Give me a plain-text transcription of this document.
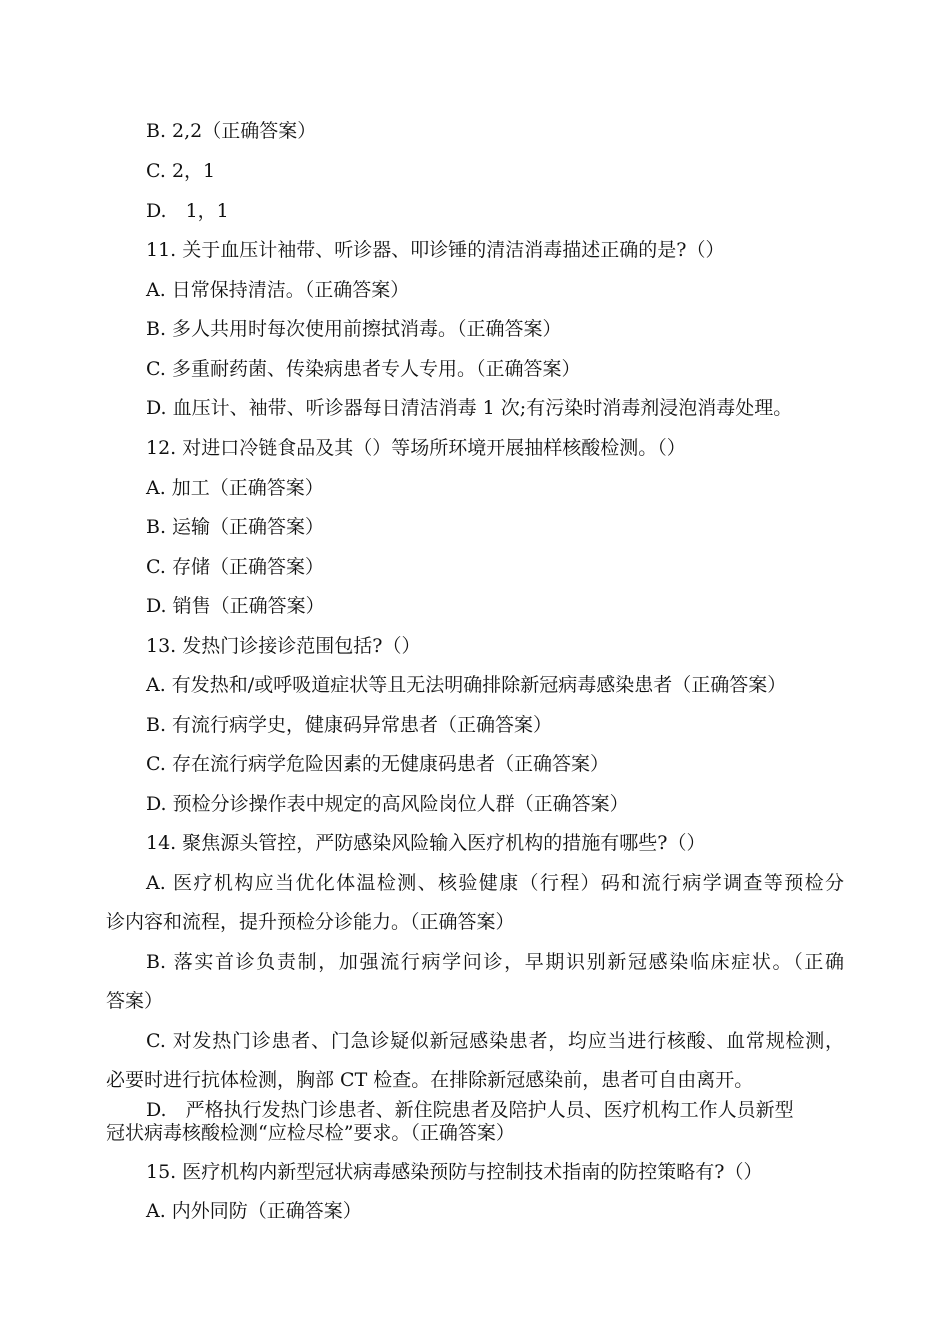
B. 2,2（正确答案）
C. 2，1
D.　1，1
11. 关于血压计袖带、听诊器、叩诊锤的清洁消毒描述正确的是?（）
A. 日常保持清洁。（正确答案）
B. 多人共用时每次使用前擦拭消毒。（正确答案）
C. 多重耐药菌、传染病患者专人专用。（正确答案）
D. 血压计、袖带、听诊器每日清洁消毒 1 次;有污染时消毒剂浸泡消毒处理。
12. 对进口冷链食品及其（）等场所环境开展抽样核酸检测。（）
A. 加工（正确答案）
B. 运输（正确答案）
C. 存储（正确答案）
D. 销售（正确答案）
13. 发热门诊接诊范围包括?（）
A. 有发热和/或呼吸道症状等且无法明确排除新冠病毒感染患者（正确答案）
B. 有流行病学史，健康码异常患者（正确答案）
C. 存在流行病学危险因素的无健康码患者（正确答案）
D. 预检分诊操作表中规定的高风险岗位人群（正确答案）
14. 聚焦源头管控，严防感染风险输入医疗机构的措施有哪些?（）
A. 医疗机构应当优化体温检测、核验健康（行程）码和流行病学调查等预检分
诊内容和流程，提升预检分诊能力。（正确答案）
B. 落实首诊负责制，加强流行病学问诊，早期识别新冠感染临床症状。（正确
答案）
C. 对发热门诊患者、门急诊疑似新冠感染患者，均应当进行核酸、血常规检测，
必要时进行抗体检测，胸部 CT 检查。在排除新冠感染前，患者可自由离开。
D.　严格执行发热门诊患者、新住院患者及陪护人员、医疗机构工作人员新型
冠状病毒核酸检测“应检尽检”要求。（正确答案）
15. 医疗机构内新型冠状病毒感染预防与控制技术指南的防控策略有?（）
A. 内外同防（正确答案）
